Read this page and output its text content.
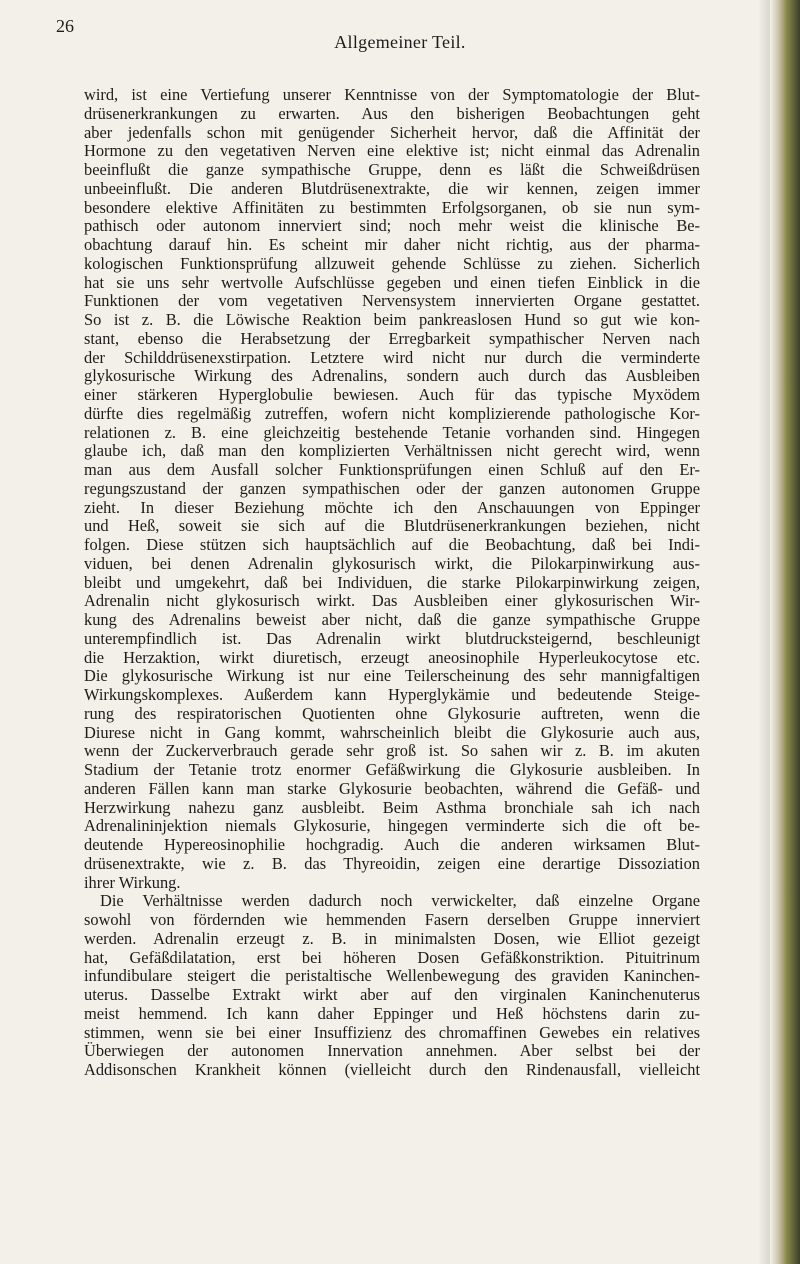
26
Allgemeiner Teil.
wird, ist eine Vertiefung unserer Kenntnisse von der Symptomatologie der Blut-
drüsenerkrankungen zu erwarten. Aus den bisherigen Beobachtungen geht
aber jedenfalls schon mit genügender Sicherheit hervor, daß die Affinität der
Hormone zu den vegetativen Nerven eine elektive ist; nicht einmal das Adrenalin
beeinflußt die ganze sympathische Gruppe, denn es läßt die Schweißdrüsen
unbeeinflußt. Die anderen Blutdrüsenextrakte, die wir kennen, zeigen immer
besondere elektive Affinitäten zu bestimmten Erfolgsorganen, ob sie nun sym-
pathisch oder autonom innerviert sind; noch mehr weist die klinische Be-
obachtung darauf hin. Es scheint mir daher nicht richtig, aus der pharma-
kologischen Funktionsprüfung allzuweit gehende Schlüsse zu ziehen. Sicherlich
hat sie uns sehr wertvolle Aufschlüsse gegeben und einen tiefen Einblick in die
Funktionen der vom vegetativen Nervensystem innervierten Organe gestattet.
So ist z. B. die Löwische Reaktion beim pankreaslosen Hund so gut wie kon-
stant, ebenso die Herabsetzung der Erregbarkeit sympathischer Nerven nach
der Schilddrüsenexstirpation. Letztere wird nicht nur durch die verminderte
glykosurische Wirkung des Adrenalins, sondern auch durch das Ausbleiben
einer stärkeren Hyperglobulie bewiesen. Auch für das typische Myxödem
dürfte dies regelmäßig zutreffen, wofern nicht komplizierende pathologische Kor-
relationen z. B. eine gleichzeitig bestehende Tetanie vorhanden sind. Hingegen
glaube ich, daß man den komplizierten Verhältnissen nicht gerecht wird, wenn
man aus dem Ausfall solcher Funktionsprüfungen einen Schluß auf den Er-
regungszustand der ganzen sympathischen oder der ganzen autonomen Gruppe
zieht. In dieser Beziehung möchte ich den Anschauungen von Eppinger
und Heß, soweit sie sich auf die Blutdrüsenerkrankungen beziehen, nicht
folgen. Diese stützen sich hauptsächlich auf die Beobachtung, daß bei Indi-
viduen, bei denen Adrenalin glykosurisch wirkt, die Pilokarpinwirkung aus-
bleibt und umgekehrt, daß bei Individuen, die starke Pilokarpinwirkung zeigen,
Adrenalin nicht glykosurisch wirkt. Das Ausbleiben einer glykosurischen Wir-
kung des Adrenalins beweist aber nicht, daß die ganze sympathische Gruppe
unterempfindlich ist. Das Adrenalin wirkt blutdrucksteigernd, beschleunigt
die Herzaktion, wirkt diuretisch, erzeugt aneosinophile Hyperleukocytose etc.
Die glykosurische Wirkung ist nur eine Teilerscheinung des sehr mannigfaltigen
Wirkungskomplexes. Außerdem kann Hyperglykämie und bedeutende Steige-
rung des respiratorischen Quotienten ohne Glykosurie auftreten, wenn die
Diurese nicht in Gang kommt, wahrscheinlich bleibt die Glykosurie auch aus,
wenn der Zuckerverbrauch gerade sehr groß ist. So sahen wir z. B. im akuten
Stadium der Tetanie trotz enormer Gefäßwirkung die Glykosurie ausbleiben. In
anderen Fällen kann man starke Glykosurie beobachten, während die Gefäß- und
Herzwirkung nahezu ganz ausbleibt. Beim Asthma bronchiale sah ich nach
Adrenalininjektion niemals Glykosurie, hingegen verminderte sich die oft be-
deutende Hypereosinophilie hochgradig. Auch die anderen wirksamen Blut-
drüsenextrakte, wie z. B. das Thyreoidin, zeigen eine derartige Dissoziation
ihrer Wirkung.
Die Verhältnisse werden dadurch noch verwickelter, daß einzelne Organe
sowohl von fördernden wie hemmenden Fasern derselben Gruppe innerviert
werden. Adrenalin erzeugt z. B. in minimalsten Dosen, wie Elliot gezeigt
hat, Gefäßdilatation, erst bei höheren Dosen Gefäßkonstriktion. Pituitrinum
infundibulare steigert die peristaltische Wellenbewegung des graviden Kaninchen-
uterus. Dasselbe Extrakt wirkt aber auf den virginalen Kaninchenuterus
meist hemmend. Ich kann daher Eppinger und Heß höchstens darin zu-
stimmen, wenn sie bei einer Insuffizienz des chromaffinen Gewebes ein relatives
Überwiegen der autonomen Innervation annehmen. Aber selbst bei der
Addisonschen Krankheit können (vielleicht durch den Rindenausfall, vielleicht
